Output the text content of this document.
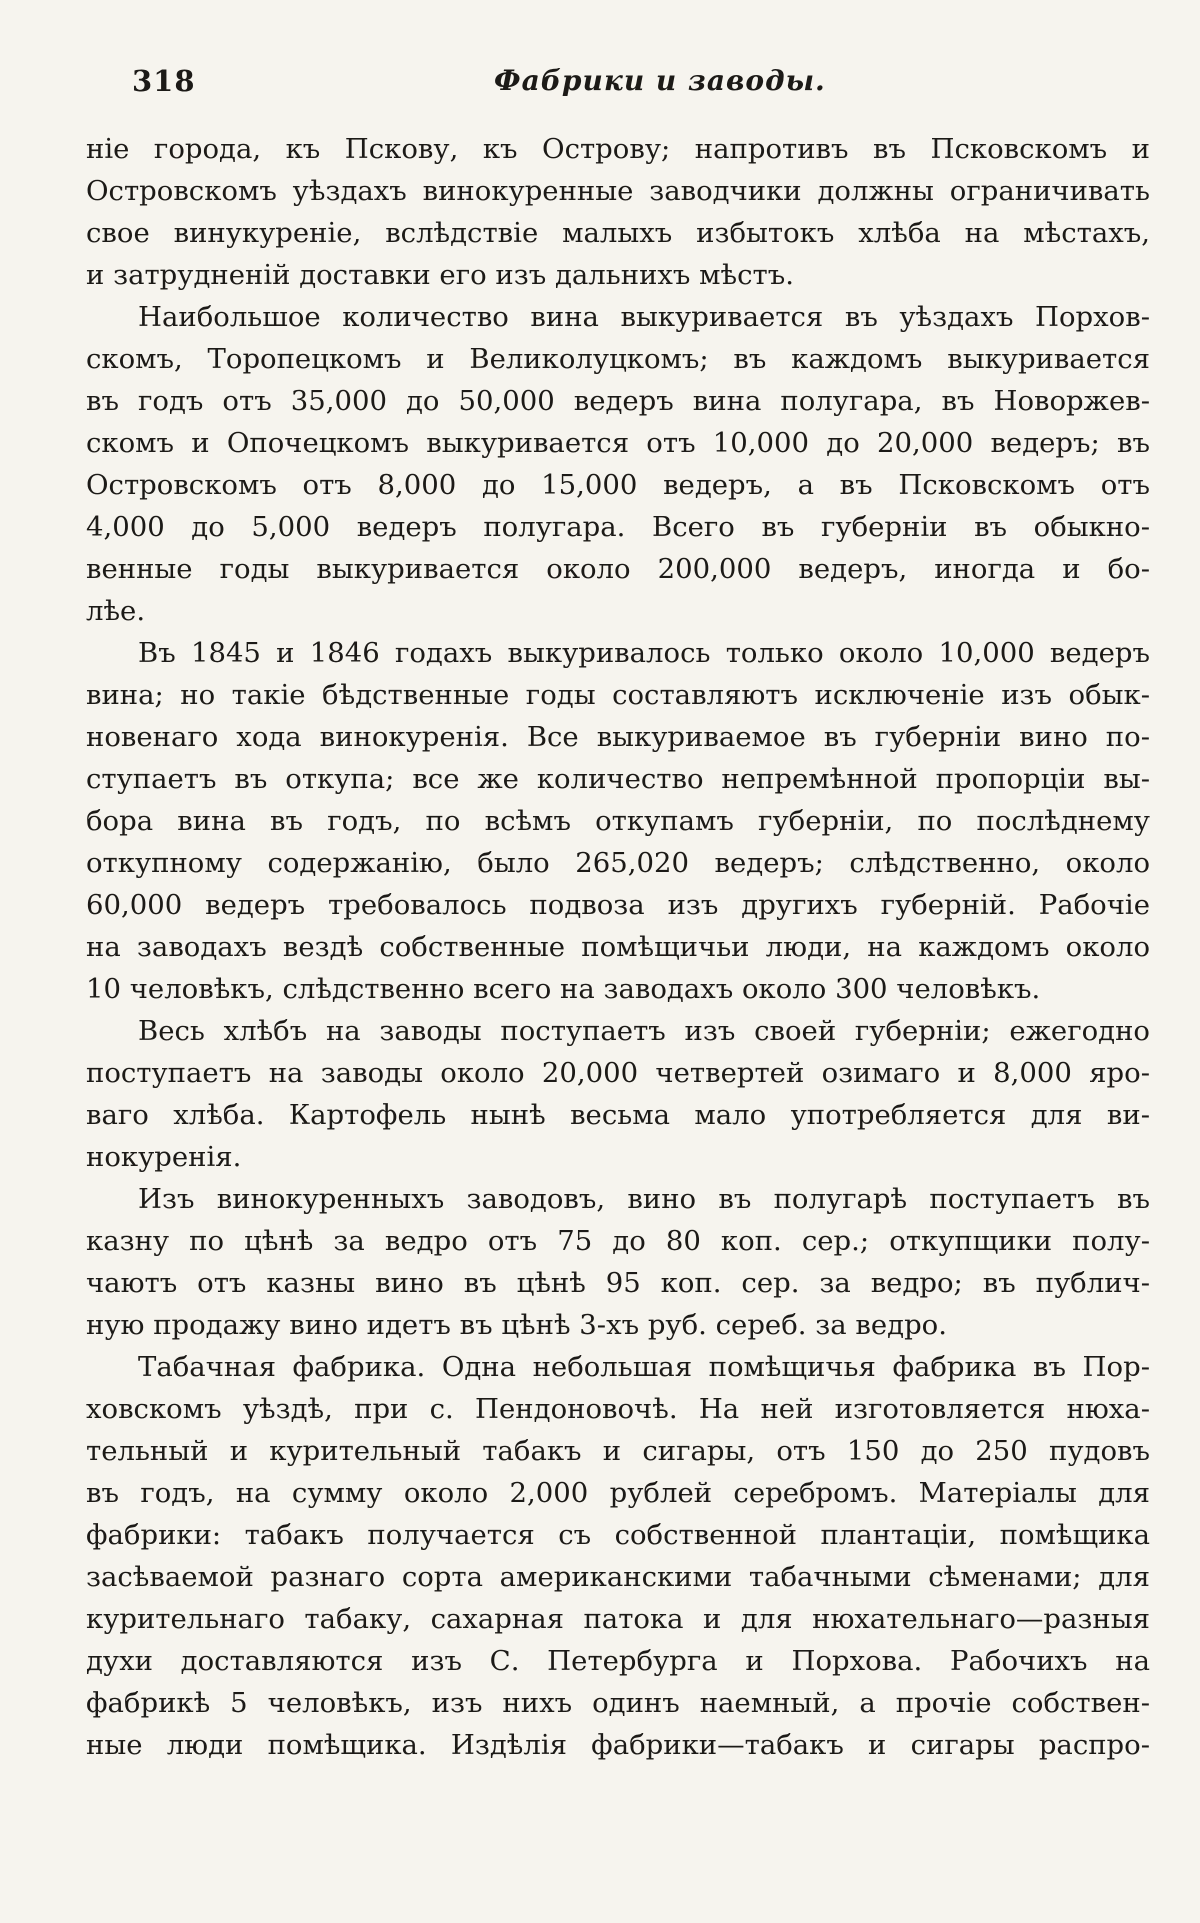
318	Фабрики и заводы.
ніе города, къ Пскову, къ Острову; напротивъ въ Псковскомъ и
Островскомъ уѣздахъ винокуренные заводчики должны ограничивать
свое винукуреніе, вслѣдствіе малыхъ избытокъ хлѣба на мѣстахъ,
и затрудненій доставки его изъ дальнихъ мѣстъ.
Наибольшое количество вина выкуривается въ уѣздахъ Порхов-
скомъ, Торопецкомъ и Великолуцкомъ; въ каждомъ выкуривается
въ годъ отъ 35,000 до 50,000 ведеръ вина полугара, въ Новоржев-
скомъ и Опочецкомъ выкуривается отъ 10,000 до 20,000 ведеръ; въ
Островскомъ отъ 8,000 до 15,000 ведеръ, а въ Псковскомъ отъ
4,000 до 5,000 ведеръ полугара. Всего въ губерніи въ обыкно-
венные годы выкуривается около 200,000 ведеръ, иногда и бо-
лѣе.
Въ 1845 и 1846 годахъ выкуривалось только около 10,000 ведеръ
вина; но такіе бѣдственные годы составляютъ исключеніе изъ обык-
новенаго хода винокуренія. Все выкуриваемое въ губерніи вино по-
ступаетъ въ откупа; все же количество непремѣнной пропорціи вы-
бора вина въ годъ, по всѣмъ откупамъ губерніи, по послѣднему
откупному содержанію, было 265,020 ведеръ; слѣдственно, около
60,000 ведеръ требовалось подвоза изъ другихъ губерній. Рабочіе
на заводахъ вездѣ собственные помѣщичьи люди, на каждомъ около
10 человѣкъ, слѣдственно всего на заводахъ около 300 человѣкъ.
Весь хлѣбъ на заводы поступаетъ изъ своей губерніи; ежегодно
поступаетъ на заводы около 20,000 четвертей озимаго и 8,000 яро-
ваго хлѣба. Картофель нынѣ весьма мало употребляется для ви-
нокуренія.
Изъ винокуренныхъ заводовъ, вино въ полугарѣ поступаетъ въ
казну по цѣнѣ за ведро отъ 75 до 80 коп. сер.; откупщики полу-
чаютъ отъ казны вино въ цѣнѣ 95 коп. сер. за ведро; въ публич-
ную продажу вино идетъ въ цѣнѣ 3-хъ руб. сереб. за ведро.
Табачная фабрика. Одна небольшая помѣщичья фабрика въ Пор-
ховскомъ уѣздѣ, при с. Пендоновочѣ. На ней изготовляется нюха-
тельный и курительный табакъ и сигары, отъ 150 до 250 пудовъ
въ годъ, на сумму около 2,000 рублей серебромъ. Матеріалы для
фабрики: табакъ получается съ собственной плантаціи, помѣщика
засѣваемой разнаго сорта американскими табачными сѣменами; для
курительнаго табаку, сахарная патока и для нюхательнаго—разныя
духи доставляются изъ С. Петербурга и Порхова. Рабочихъ на
фабрикѣ 5 человѣкъ, изъ нихъ одинъ наемный, а прочіе собствен-
ные люди помѣщика. Издѣлія фабрики—табакъ и сигары распро-
